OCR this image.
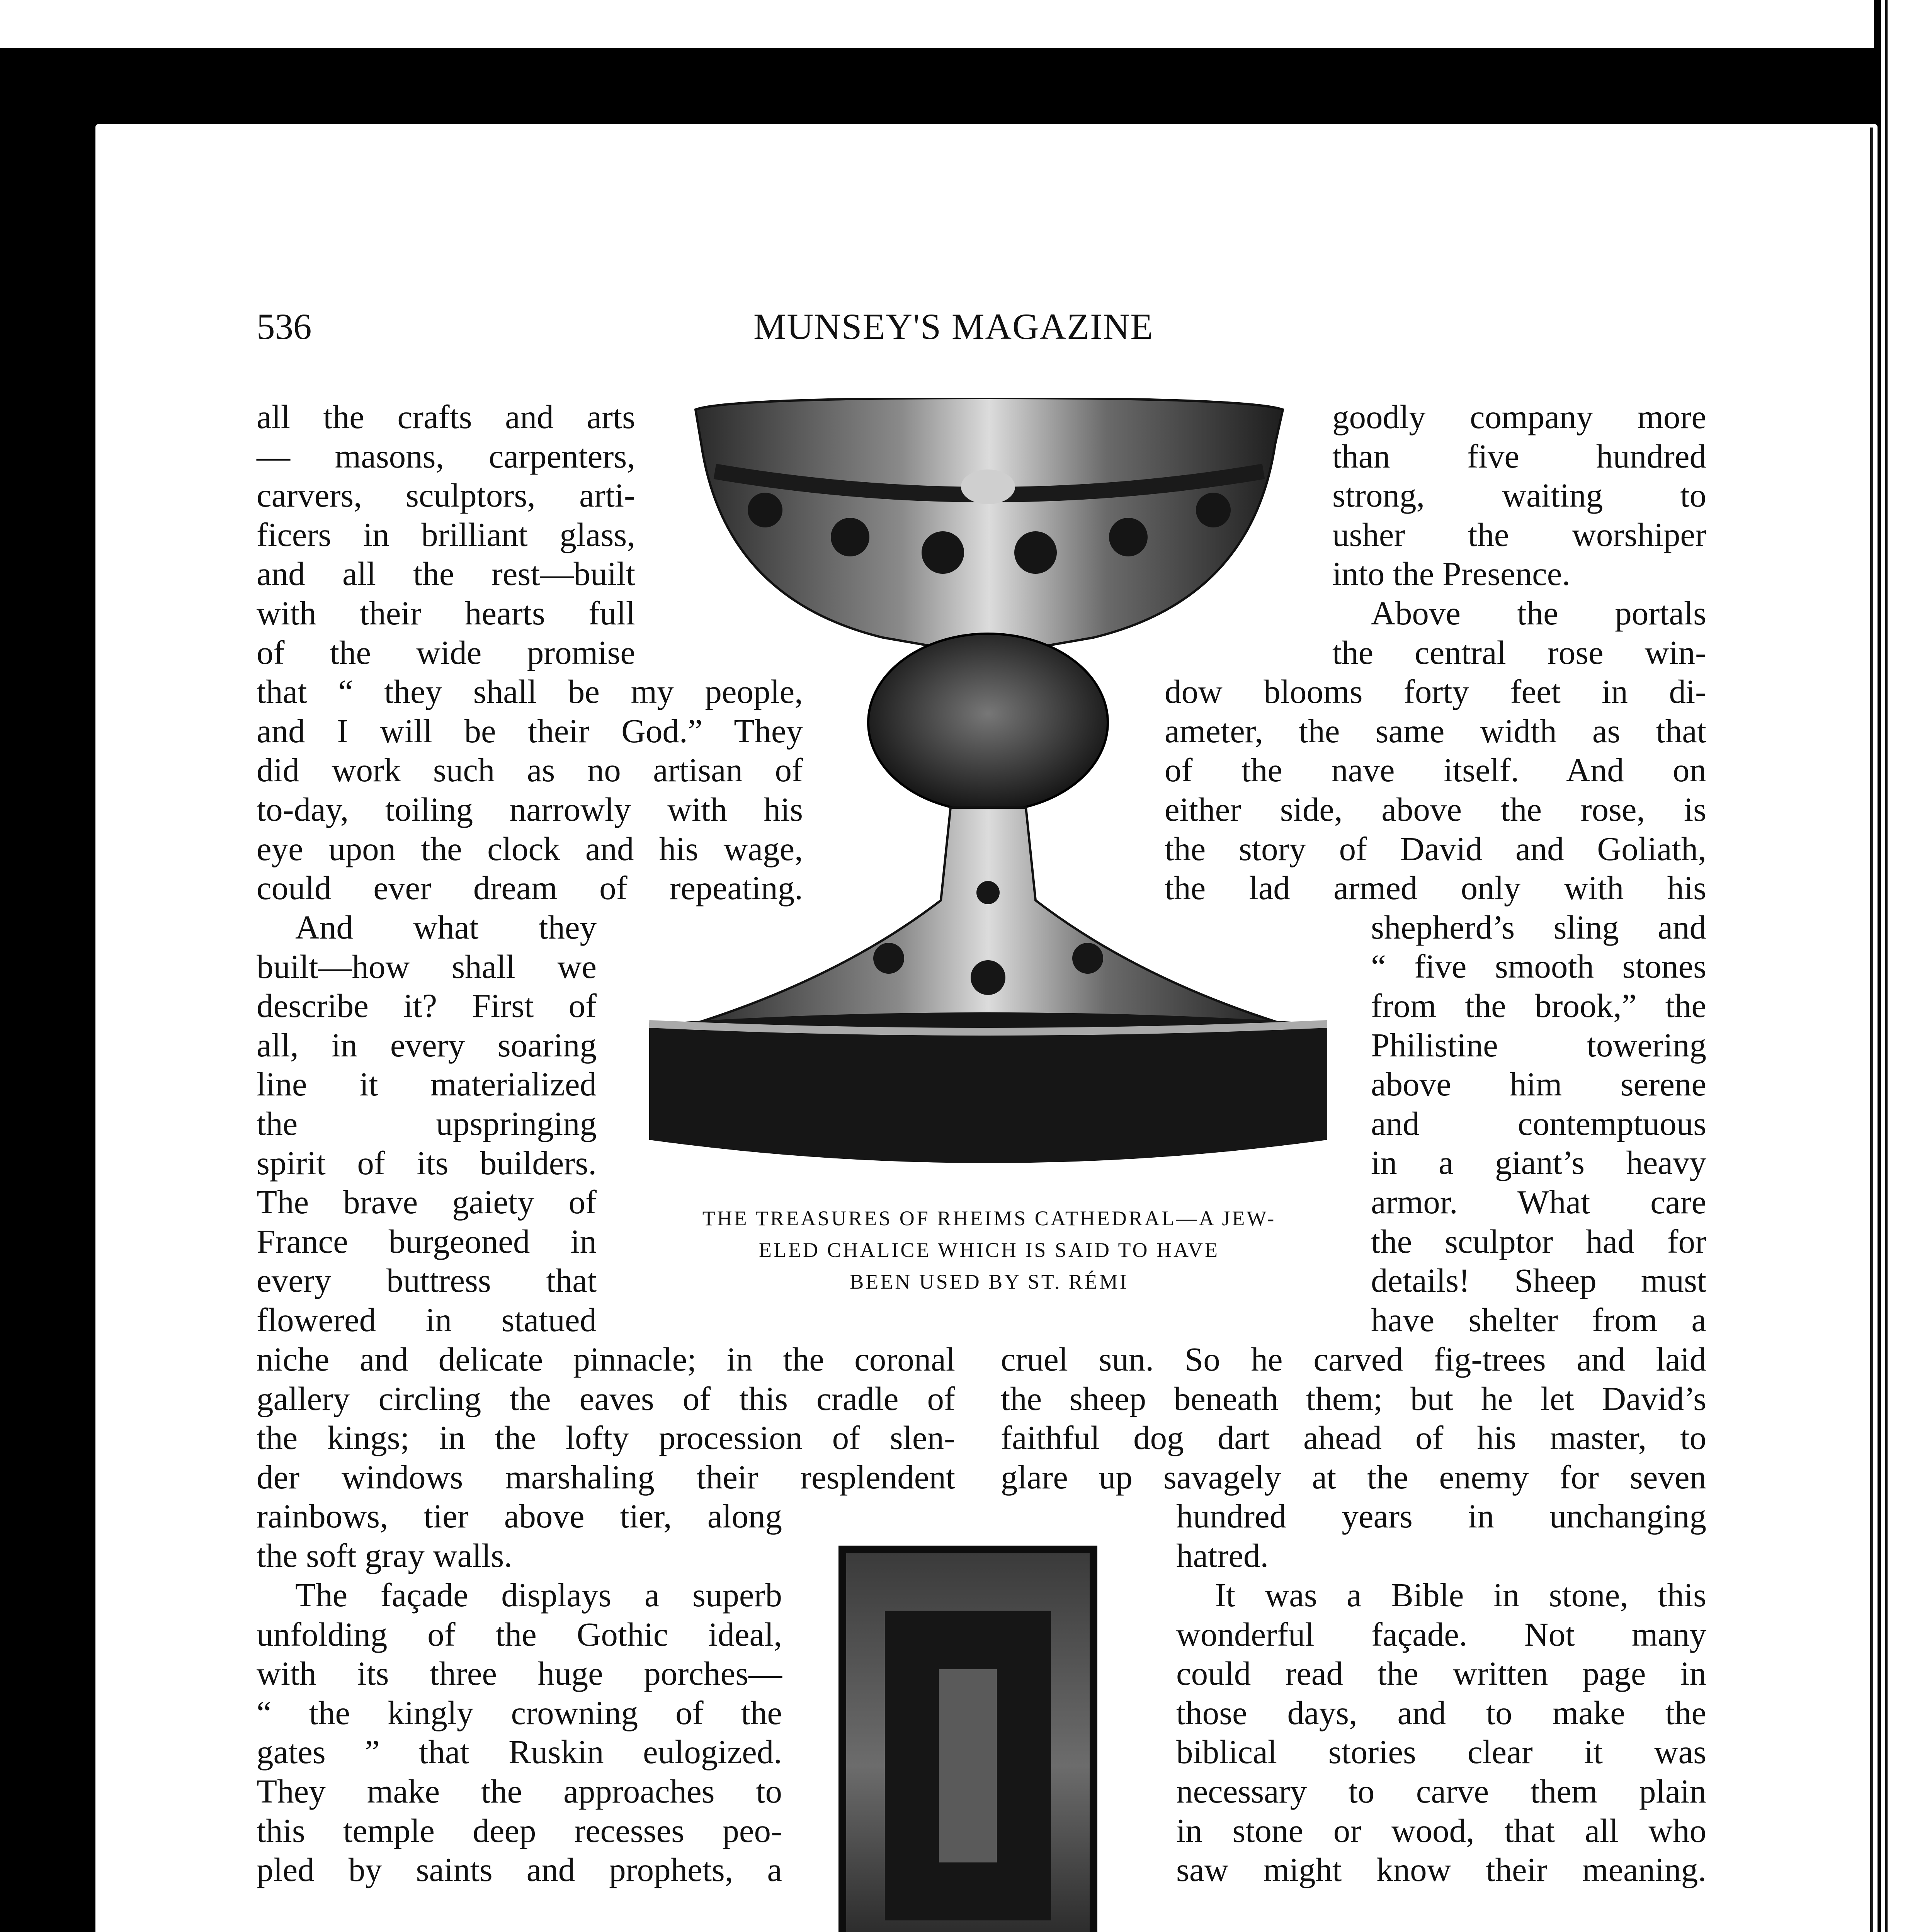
536	MUNSEY'S MAGAZINE

all the crafts and arts

— masons, carpenters,

carvers, sculptors, arti-

ficers in brilliant glass,

and all the rest—built

with their hearts full

of the wide promise

that “ they shall be my people,

and I will be their God.” They

did work such as no artisan of

to-day, toiling narrowly with his

eye upon the clock and his wage,

could ever dream of repeating.

And what they

built—how shall we

describe it? First of

all, in every soaring

line it materialized

the upspringing

spirit of its builders.

The brave gaiety of

France burgeoned in

every buttress that

flowered in statued

niche and delicate pinnacle; in the coronal

gallery circling the eaves of this cradle of

the kings; in the lofty procession of slen-

der windows marshaling their resplendent

rainbows, tier above tier, along

the soft gray walls.

The façade displays a superb

unfolding of the Gothic ideal,

with its three huge porches—

“ the kingly crowning of the

gates ” that Ruskin eulogized.

They make the approaches to

this temple deep recesses peo-

pled by saints and prophets, a

goodly company more

than five hundred

strong, waiting to

usher the worshiper

into the Presence.

Above the portals

the central rose win-

dow blooms forty feet in di-

ameter, the same width as that

of the nave itself. And on

either side, above the rose, is

the story of David and Goliath,

the lad armed only with his

shepherd’s sling and

“ five smooth stones

from the brook,” the

Philistine towering

above him serene

and contemptuous

in a giant’s heavy

armor. What care

the sculptor had for

details! Sheep must

have shelter from a

cruel sun. So he carved fig-trees and laid

the sheep beneath them; but he let David’s

faithful dog dart ahead of his master, to

glare up savagely at the enemy for seven

hundred years in unchanging

hatred.

It was a Bible in stone, this

wonderful façade. Not many

could read the written page in

those days, and to make the

biblical stories clear it was

necessary to carve them plain

in stone or wood, that all who

saw might know their meaning.

THE TREASURES OF RHEIMS CATHEDRAL—A JEW-
ELED CHALICE WHICH IS SAID TO HAVE
BEEN USED BY ST. RÉMI
